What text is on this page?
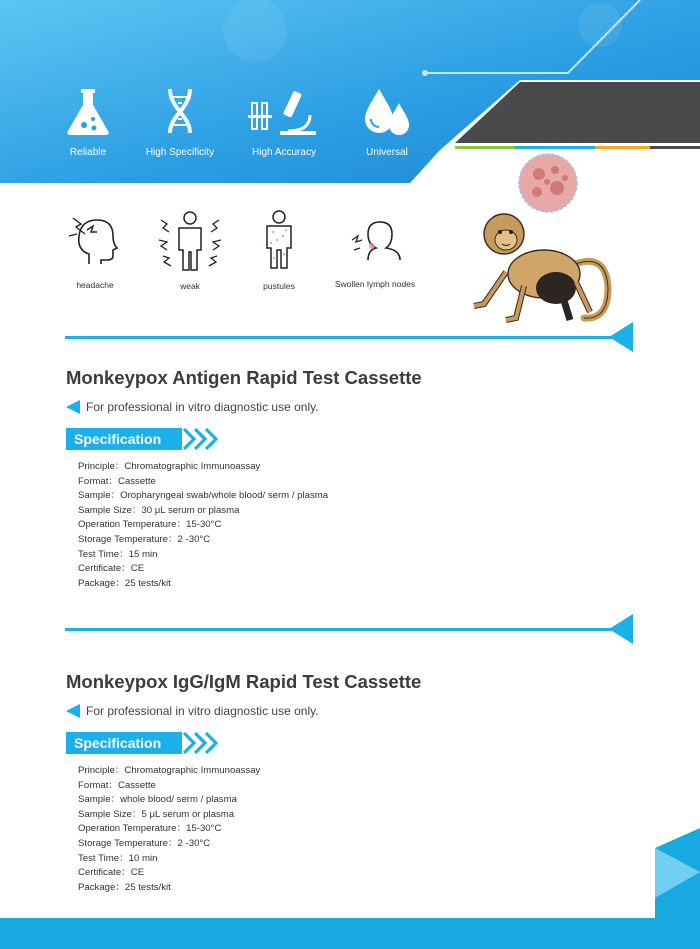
Reliable	High Specificity	High Accuracy	Universal
headache	weak	pustules	Swollen lymph nodes
Monkeypox Antigen Rapid Test Cassette
For professional in vitro diagnostic use only.
Specification
Principle：Chromatographic Immunoassay
Format：Cassette
Sample：Oropharyngeal swab/whole blood/ serm / plasma
Sample Size：30 μL serum or plasma
Operation Temperature：15-30°C
Storage Temperature：2 -30°C
Test Time：15 min
Certificate：CE
Package：25 tests/kit
Monkeypox IgG/IgM Rapid Test Cassette
For professional in vitro diagnostic use only.
Specification
Principle：Chromatographic Immunoassay
Format：Cassette
Sample：whole blood/ serm / plasma
Sample Size：5 μL serum or plasma
Operation Temperature：15-30°C
Storage Temperature：2 -30°C
Test Time：10 min
Certificate：CE
Package：25 tests/kit
